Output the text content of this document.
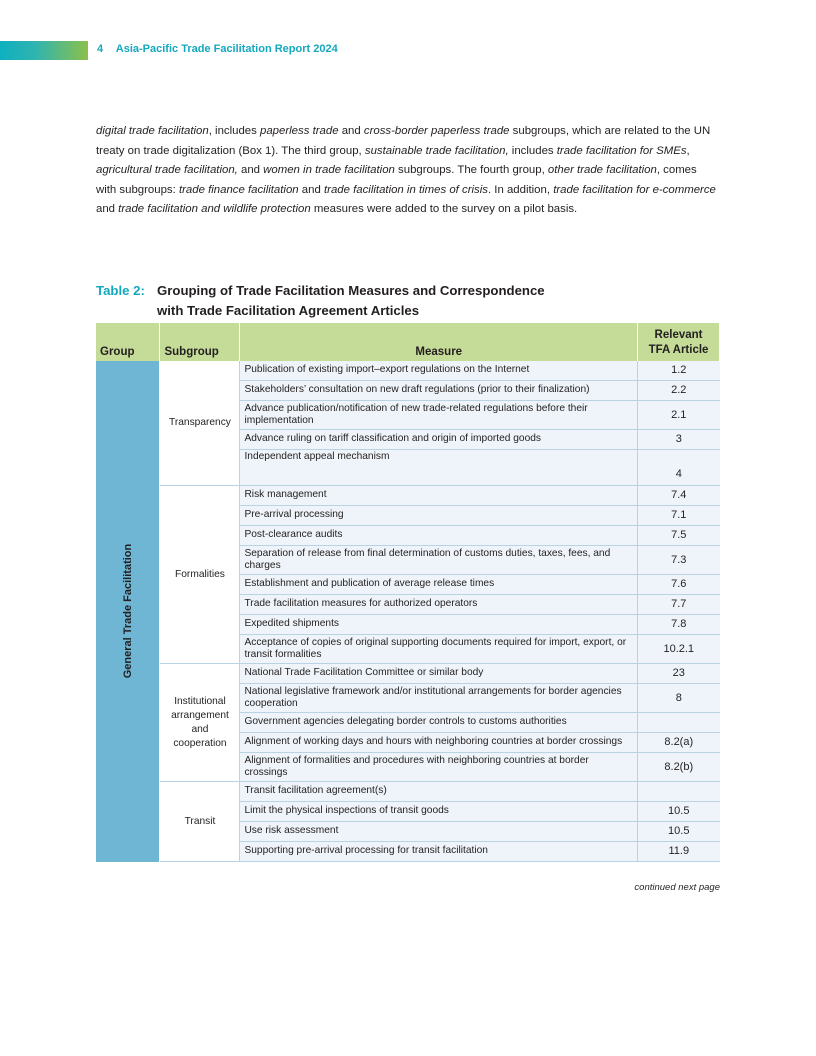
4 Asia-Pacific Trade Facilitation Report 2024
digital trade facilitation, includes paperless trade and cross-border paperless trade subgroups, which are related to the UN treaty on trade digitalization (Box 1). The third group, sustainable trade facilitation, includes trade facilitation for SMEs, agricultural trade facilitation, and women in trade facilitation subgroups. The fourth group, other trade facilitation, comes with subgroups: trade finance facilitation and trade facilitation in times of crisis. In addition, trade facilitation for e-commerce and trade facilitation and wildlife protection measures were added to the survey on a pilot basis.
Table 2: Grouping of Trade Facilitation Measures and Correspondence
with Trade Facilitation Agreement Articles
Group	Subgroup	Measure	Relevant
TFA Article

General Trade Facilitation	Transparency	Publication of existing import–export regulations on the Internet	1.2
		Stakeholders’ consultation on new draft regulations (prior to their finalization)	2.2
		Advance publication/notification of new trade-related regulations before their implementation	2.1
		Advance ruling on tariff classification and origin of imported goods	3
		Independent appeal mechanism	4
	Formalities	Risk management	7.4
		Pre-arrival processing	7.1
		Post-clearance audits	7.5
		Separation of release from final determination of customs duties, taxes, fees, and charges	7.3
		Establishment and publication of average release times	7.6
		Trade facilitation measures for authorized operators	7.7
		Expedited shipments	7.8
		Acceptance of copies of original supporting documents required for import, export, or transit formalities	10.2.1
	Institutional arrangement and cooperation	National Trade Facilitation Committee or similar body	23
		National legislative framework and/or institutional arrangements for border agencies cooperation	8
		Government agencies delegating border controls to customs authorities	
		Alignment of working days and hours with neighboring countries at border crossings	8.2(a)
		Alignment of formalities and procedures with neighboring countries at border crossings	8.2(b)
	Transit	Transit facilitation agreement(s)	
		Limit the physical inspections of transit goods	10.5
		Use risk assessment	10.5
		Supporting pre-arrival processing for transit facilitation	11.9
continued next page
